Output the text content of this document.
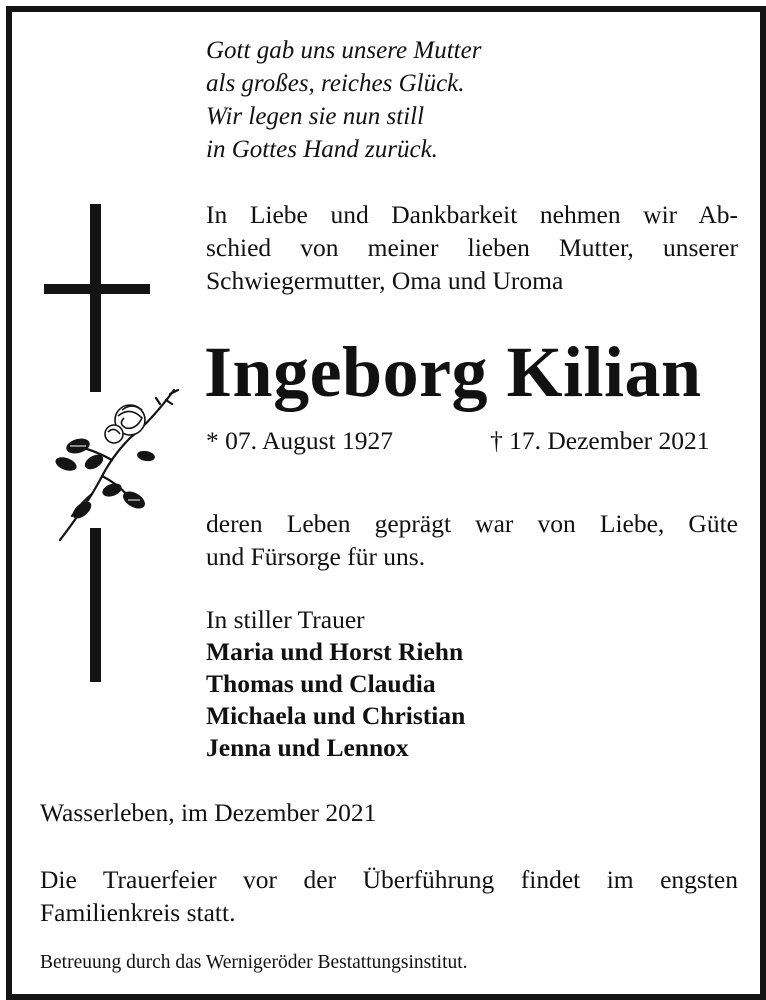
Gott gab uns unsere Mutter
als großes, reiches Glück.
Wir legen sie nun still
in Gottes Hand zurück.
In Liebe und Dankbarkeit nehmen wir Ab-
schied von meiner lieben Mutter, unserer
Schwiegermutter, Oma und Uroma
Ingeborg Kilian
* 07. August 1927	† 17. Dezember 2021
deren Leben geprägt war von Liebe, Güte
und Fürsorge für uns.
In stiller Trauer
Maria und Horst Riehn
Thomas und Claudia
Michaela und Christian
Jenna und Lennox
Wasserleben, im Dezember 2021
Die Trauerfeier vor der Überführung findet im engsten
Familienkreis statt.
Betreuung durch das Wernigeröder Bestattungsinstitut.
